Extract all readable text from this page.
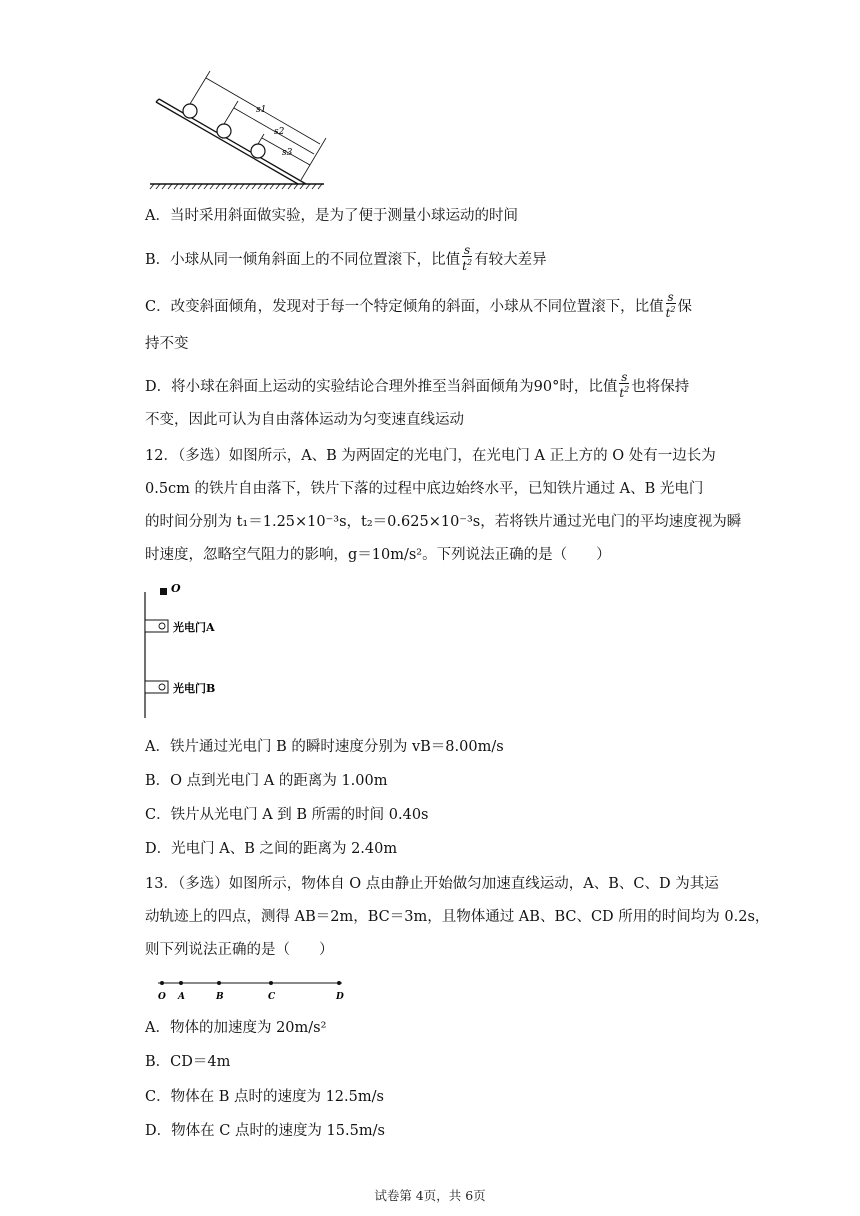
s1
s2
s3
A．当时采用斜面做实验，是为了便于测量小球运动的时间
B．小球从同一倾角斜面上的不同位置滚下，比值 $\frac{s}{t^2}$ 有较大差异
C．改变斜面倾角，发现对于每一个特定倾角的斜面，小球从不同位置滚下，比值 $\frac{s}{t^2}$ 保
持不变
D．将小球在斜面上运动的实验结论合理外推至当斜面倾角为90°时，比值 $\frac{s}{t^2}$ 也将保持
不变，因此可认为自由落体运动为匀变速直线运动
12．（多选）如图所示，A、B 为两固定的光电门，在光电门 A 正上方的 O 处有一边长为
0.5cm 的铁片自由落下，铁片下落的过程中底边始终水平，已知铁片通过 A、B 光电门
的时间分别为 t₁＝1.25×10⁻³s，t₂＝0.625×10⁻³s，若将铁片通过光电门的平均速度视为瞬
时速度，忽略空气阻力的影响，g＝10m/s²。下列说法正确的是（　　）
O
光电门A
光电门B
A．铁片通过光电门 B 的瞬时速度分别为 vB＝8.00m/s
B．O 点到光电门 A 的距离为 1.00m
C．铁片从光电门 A 到 B 所需的时间 0.40s
D．光电门 A、B 之间的距离为 2.40m
13．（多选）如图所示，物体自 O 点由静止开始做匀加速直线运动，A、B、C、D 为其运
动轨迹上的四点，测得 AB＝2m，BC＝3m，且物体通过 AB、BC、CD 所用的时间均为 0.2s，
则下列说法正确的是（　　）
O A	B	C	D
A．物体的加速度为 20m/s²
B．CD＝4m
C．物体在 B 点时的速度为 12.5m/s
D．物体在 C 点时的速度为 15.5m/s
试卷第 4页，共 6页
